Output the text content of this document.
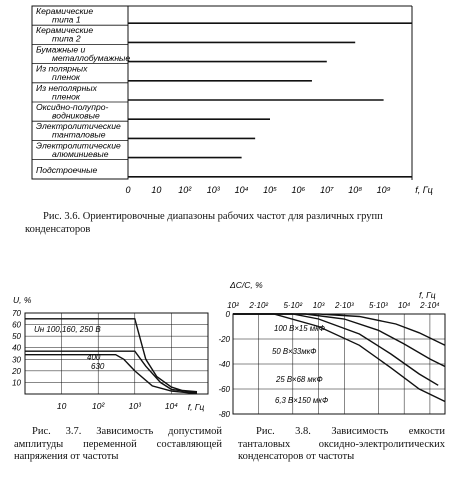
Керамические
типа 1
Керамические
типа 2
Бумажные и
металлобумажные
Из полярных
пленок
Из неполярных
пленок
Оксидно-полупро-
водниковые
Электролитические
танталовые
Электролитические
алюминиевые
Подстроечные
0 10 10² 10³ 10⁴ 10⁵ 10⁶ 10⁷ 10⁸ 10⁹	f, Гц
70
60
50
40
30
20
10
U, %
10	10²	10³	10⁴ f, Гц
Uн 100,160, 250 В
400
630
10² 2·10² 5·10² 10³ 2·10³ 5·10³ 10⁴ 2·10⁴
f, Гц
ΔC/C, %
0
-20
-40
-60
-80
100 В×15 мкФ
50 В×33мкФ
25 В×68 мкФ
6,3 В×150 мкФ
Рис. 3.6. Ориентировочные диапазоны рабочих частот для различных групп конденсаторов
Рис. 3.7. Зависимость допустимой амплитуды переменной составляющей напряжения от частоты
Рис. 3.8. Зависимость емкости танталовых оксидно-электролитических конденсаторов от частоты
